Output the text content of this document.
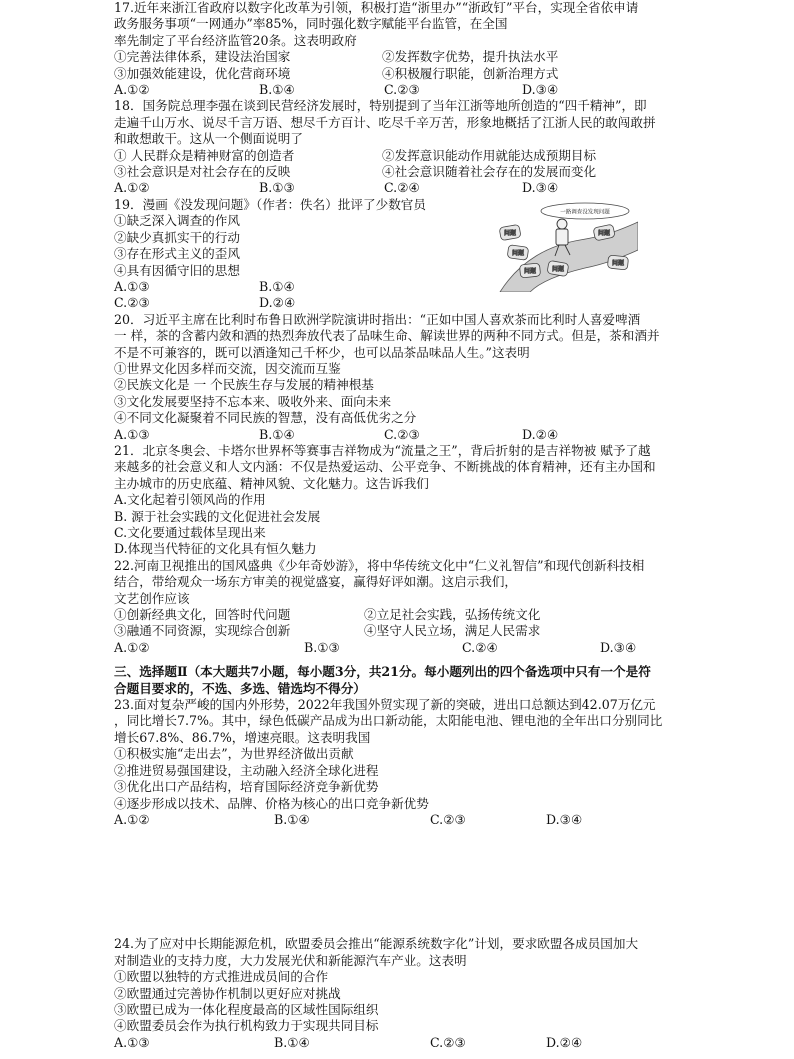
一路调查没发现问题
问题
问题
问题	问题
问题
问题
17.近年来浙江省政府以数字化改革为引领，积极打造“浙里办”“浙政钉”平台，实现全省依申请
政务服务事项“一网通办”率85%，同时强化数字赋能平台监管，在全国
率先制定了平台经济监管20条。这表明政府
①完善法律体系，建设法治国家	②发挥数字优势，提升执法水平
③加强效能建设，优化营商环境	④积极履行职能，创新治理方式
A.①②	B.①④	C.②③	D.③④
18．国务院总理李强在谈到民营经济发展时，特别提到了当年江浙等地所创造的“四千精神”，即
走遍千山万水、说尽千言万语、想尽千方百计、吃尽千辛万苦，形象地概括了江浙人民的敢闯敢拼
和敢想敢干。这从一个侧面说明了
① 人民群众是精神财富的创造者	②发挥意识能动作用就能达成预期目标
③社会意识是对社会存在的反映	④社会意识随着社会存在的发展而变化
A.①②	B.①③	C.②④	D.③④
19．漫画《没发现问题》（作者：佚名）批评了少数官员
①缺乏深入调查的作风
②缺少真抓实干的行动
③存在形式主义的歪风
④具有因循守旧的思想
A.①③	B.①④
C.②③	D.②④
20．习近平主席在比利时布鲁日欧洲学院演讲时指出：“正如中国人喜欢茶而比利时人喜爱啤酒
一 样，茶的含蓄内敛和酒的热烈奔放代表了品味生命、解读世界的两种不同方式。但是，茶和酒并
不是不可兼容的，既可以酒逢知己千杯少，也可以品茶品味品人生。”这表明
①世界文化因多样而交流，因交流而互鉴
②民族文化是 一 个民族生存与发展的精神根基
③文化发展要坚持不忘本来、吸收外来、面向未来
④不同文化凝聚着不同民族的智慧，没有高低优劣之分
A.①③	B.①④	C.②③	D.②④
21．北京冬奥会、卡塔尔世界杯等赛事吉祥物成为“流量之王”，背后折射的是吉祥物被 赋予了越
来越多的社会意义和人文内涵：不仅是热爱运动、公平竞争、不断挑战的体育精神，还有主办国和
主办城市的历史底蕴、精神风貌、文化魅力。这告诉我们
A.文化起着引领风尚的作用
B. 源于社会实践的文化促进社会发展
C.文化要通过载体呈现出来
D.体现当代特征的文化具有恒久魅力
22.河南卫视推出的国风盛典《少年奇妙游》，将中华传统文化中“仁义礼智信”和现代创新科技相
结合，带给观众一场东方审美的视觉盛宴，赢得好评如潮。这启示我们，
文艺创作应该
①创新经典文化，回答时代问题	②立足社会实践，弘扬传统文化
③融通不同资源，实现综合创新	④坚守人民立场，满足人民需求
A.①②	B.①③	C.②④	D.③④
三、选择题Ⅱ（本大题共7小题，每小题3分，共21分。每小题列出的四个备选项中只有一个是符
合题目要求的，不选、多选、错选均不得分）
23.面对复杂严峻的国内外形势，2022年我国外贸实现了新的突破，进出口总额达到42.07万亿元
，同比增长7.7%。其中，绿色低碳产品成为出口新动能，太阳能电池、锂电池的全年出口分别同比
增长67.8%、86.7%，增速亮眼。这表明我国
①积极实施“走出去”，为世界经济做出贡献
②推进贸易强国建设，主动融入经济全球化进程
③优化出口产品结构，培育国际经济竞争新优势
④逐步形成以技术、品牌、价格为核心的出口竞争新优势
A.①②	B.①④	C.②③	D.③④
24.为了应对中长期能源危机，欧盟委员会推出“能源系统数字化”计划，要求欧盟各成员国加大
对制造业的支持力度，大力发展光伏和新能源汽车产业。这表明
①欧盟以独特的方式推进成员间的合作
②欧盟通过完善协作机制以更好应对挑战
③欧盟已成为一体化程度最高的区域性国际组织
④欧盟委员会作为执行机构致力于实现共同目标
A.①③	B.①④	C.②③	D.②④
